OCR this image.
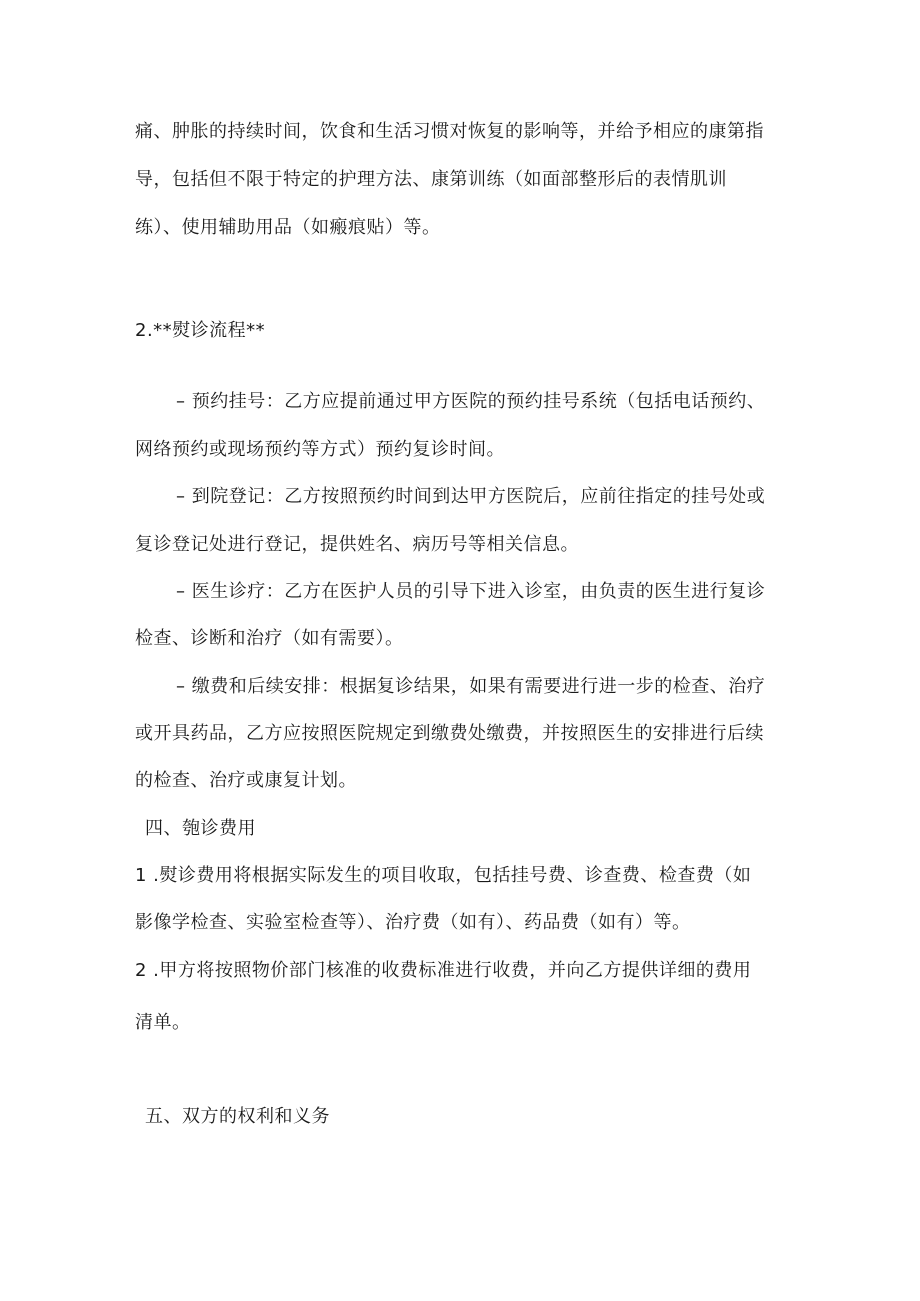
痛、肿胀的持续时间，饮食和生活习惯对恢复的影响等，并给予相应的康第指
导，包括但不限于特定的护理方法、康第训练（如面部整形后的表情肌训
练）、使用辅助用品（如瘢痕贴）等。
2.**熨诊流程**
– 预约挂号：乙方应提前通过甲方医院的预约挂号系统（包括电话预约、
网络预约或现场预约等方式）预约复诊时间。
– 到院登记：乙方按照预约时间到达甲方医院后，应前往指定的挂号处或
复诊登记处进行登记，提供姓名、病历号等相关信息。
– 医生诊疗：乙方在医护人员的引导下进入诊室，由负责的医生进行复诊
检查、诊断和治疗（如有需要）。
– 缴费和后续安排：根据复诊结果，如果有需要进行进一步的检查、治疗
或开具药品，乙方应按照医院规定到缴费处缴费，并按照医生的安排进行后续
的检查、治疗或康复计划。
四、匏诊费用
1 .熨诊费用将根据实际发生的项目收取，包括挂号费、诊查费、检查费（如
影像学检查、实验室检查等）、治疗费（如有）、药品费（如有）等。
2 .甲方将按照物价部门核准的收费标准进行收费，并向乙方提供详细的费用
清单。
五、双方的权利和义务
